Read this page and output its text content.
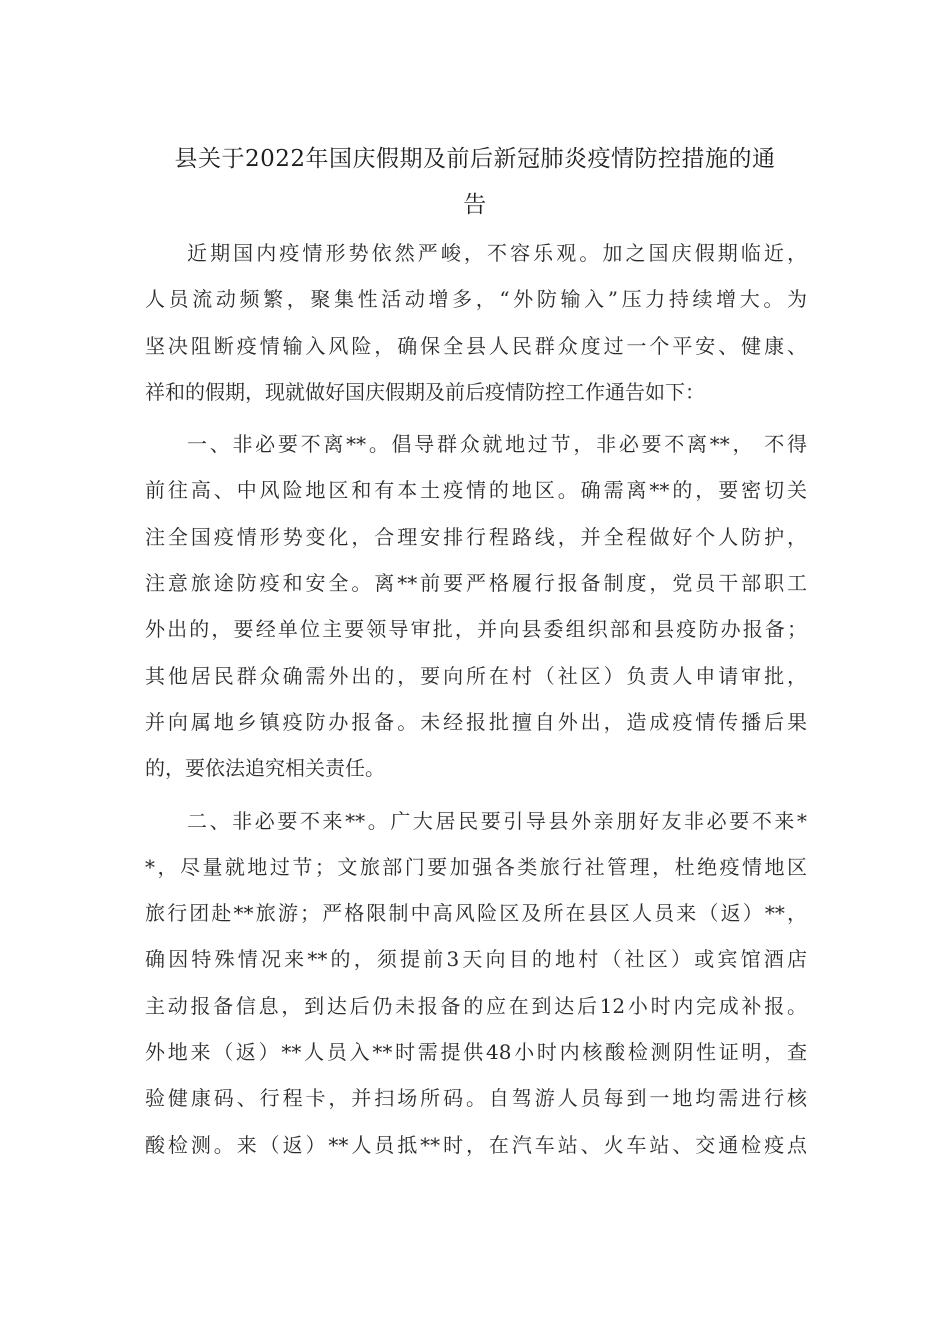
县关于2022年国庆假期及前后新冠肺炎疫情防控措施的通
告
近期国内疫情形势依然严峻，不容乐观。加之国庆假期临近，
人员流动频繁，聚集性活动增多，“外防输入”压力持续增大。为
坚决阻断疫情输入风险，确保全县人民群众度过一个平安、健康、
祥和的假期，现就做好国庆假期及前后疫情防控工作通告如下：
一、非必要不离**。倡导群众就地过节，非必要不离**， 不得
前往高、中风险地区和有本土疫情的地区。确需离**的，要密切关
注全国疫情形势变化，合理安排行程路线，并全程做好个人防护，
注意旅途防疫和安全。离**前要严格履行报备制度，党员干部职工
外出的，要经单位主要领导审批，并向县委组织部和县疫防办报备；
其他居民群众确需外出的，要向所在村（社区）负责人申请审批，
并向属地乡镇疫防办报备。未经报批擅自外出，造成疫情传播后果
的，要依法追究相关责任。
二、非必要不来**。广大居民要引导县外亲朋好友非必要不来*
*，尽量就地过节；文旅部门要加强各类旅行社管理，杜绝疫情地区
旅行团赴**旅游；严格限制中高风险区及所在县区人员来（返）**，
确因特殊情况来**的，须提前3天向目的地村（社区）或宾馆酒店
主动报备信息，到达后仍未报备的应在到达后12小时内完成补报。
外地来（返）**人员入**时需提供48小时内核酸检测阴性证明，查
验健康码、行程卡，并扫场所码。自驾游人员每到一地均需进行核
酸检测。来（返）**人员抵**时，在汽车站、火车站、交通检疫点
